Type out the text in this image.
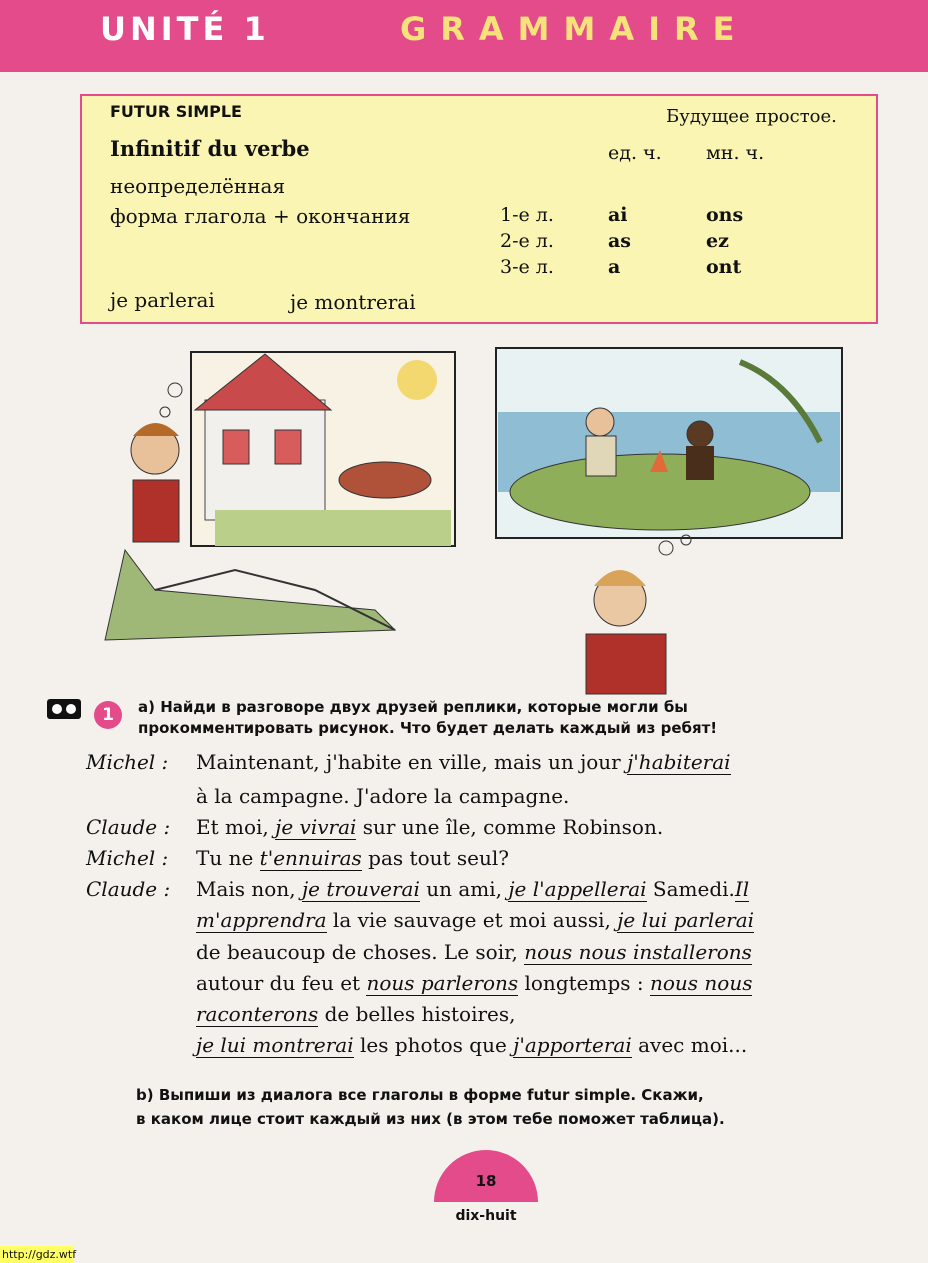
UNITÉ 1	GRAMMAIRE
FUTUR SIMPLE	Будущее простое.
Infinitif du verbe	ед. ч. мн. ч.
неопределённая
форма глагола + окончания	1-е л.	ai	ons
2-е л.	as	ez
3-е л.	a	ont
je parlerai	je montrerai
1	а) Найди в разговоре двух друзей реплики, которые могли бы
прокомментировать рисунок. Что будет делать каждый из ребят!
Michel : Maintenant, j'habite en ville, mais un jour j'habiterai
à la campagne. J'adore la campagne.
Claude : Et moi, je vivrai sur une île, comme Robinson.
Michel : Tu ne t'ennuiras pas tout seul?
Claude : Mais non, je trouverai un ami, je l'appellerai Samedi.Il
m'apprendra la vie sauvage et moi aussi, je lui parlerai
de beaucoup de choses. Le soir, nous nous installerons
autour du feu et nous parlerons longtemps : nous nous
raconterons de belles histoires,
je lui montrerai les photos que j'apporterai avec moi...
b) Выпиши из диалога все глаголы в форме futur simple. Скажи,
в каком лице стоит каждый из них (в этом тебе поможет таблица).
18
dix-huit
http://gdz.wtf
